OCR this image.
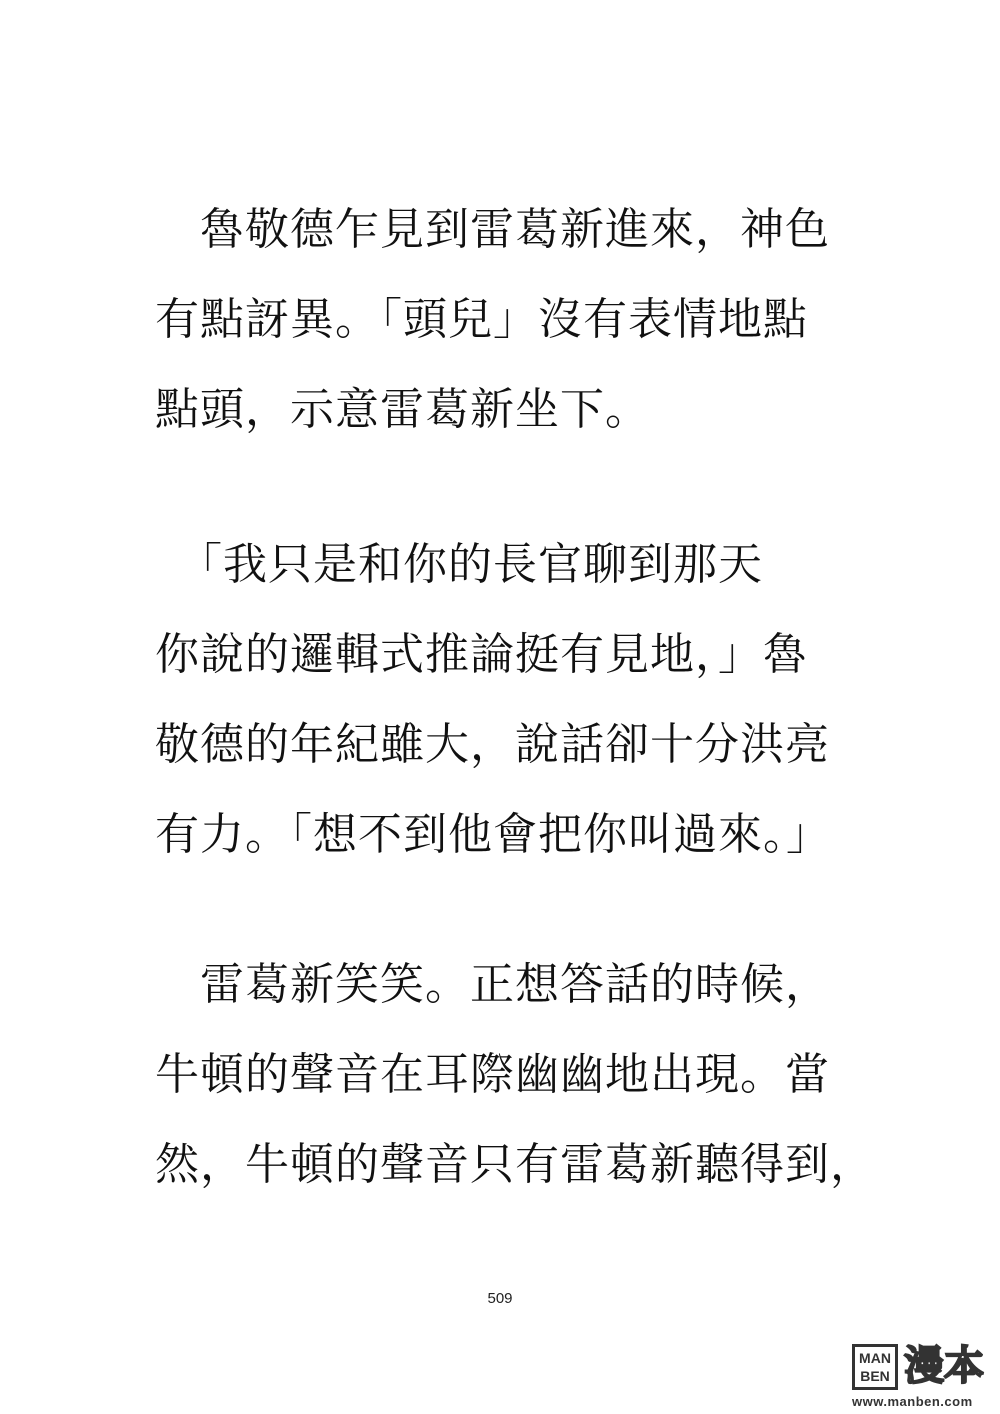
　魯敬德乍見到雷葛新進來，神色
有點訝異。「頭兒」沒有表情地點
點頭，示意雷葛新坐下。
　「我只是和你的長官聊到那天
你說的邏輯式推論挺有見地，」魯
敬德的年紀雖大，說話卻十分洪亮
有力。「想不到他會把你叫過來。」
　雷葛新笑笑。正想答話的時候，
牛頓的聲音在耳際幽幽地出現。當
然，牛頓的聲音只有雷葛新聽得到，
509
MAN
BEN 漫本
www.manben.com
